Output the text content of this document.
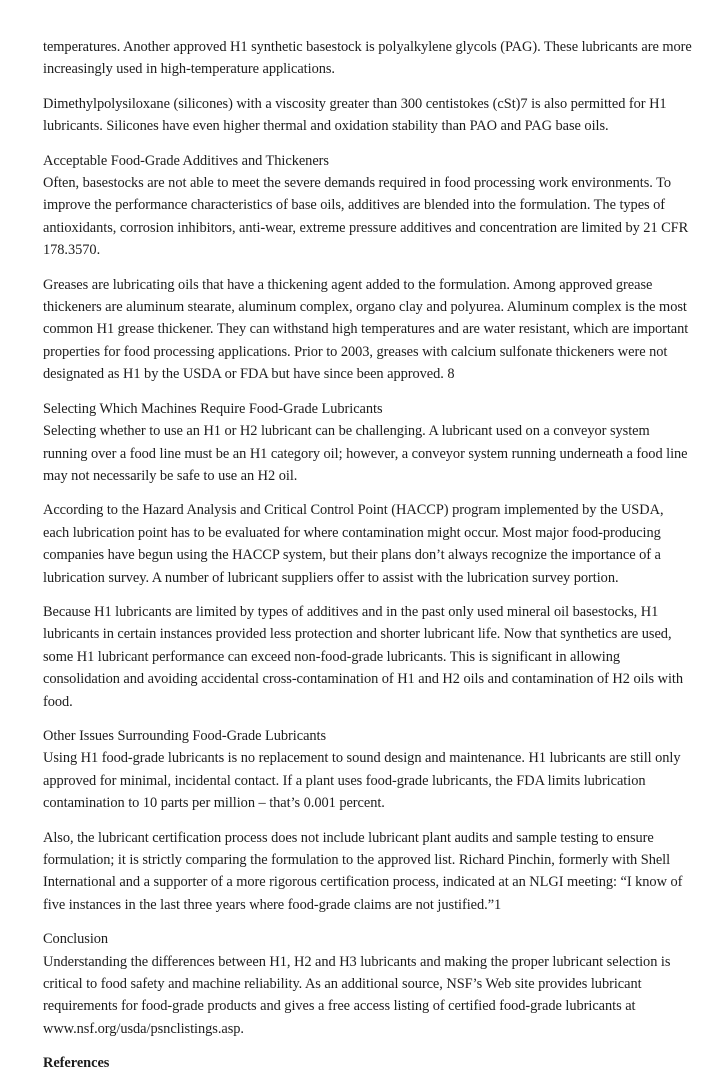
temperatures. Another approved H1 synthetic basestock is polyalkylene glycols (PAG). These lubricants are more increasingly used in high-temperature applications.

Dimethylpolysiloxane (silicones) with a viscosity greater than 300 centistokes (cSt)7 is also permitted for H1 lubricants. Silicones have even higher thermal and oxidation stability than PAO and PAG base oils.

Acceptable Food-Grade Additives and Thickeners
Often, basestocks are not able to meet the severe demands required in food processing work environments. To improve the performance characteristics of base oils, additives are blended into the formulation. The types of antioxidants, corrosion inhibitors, anti-wear, extreme pressure additives and concentration are limited by 21 CFR 178.3570.

Greases are lubricating oils that have a thickening agent added to the formulation. Among approved grease thickeners are aluminum stearate, aluminum complex, organo clay and polyurea. Aluminum complex is the most common H1 grease thickener. They can withstand high temperatures and are water resistant, which are important properties for food processing applications. Prior to 2003, greases with calcium sulfonate thickeners were not designated as H1 by the USDA or FDA but have since been approved. 8

Selecting Which Machines Require Food-Grade Lubricants
Selecting whether to use an H1 or H2 lubricant can be challenging. A lubricant used on a conveyor system running over a food line must be an H1 category oil; however, a conveyor system running underneath a food line may not necessarily be safe to use an H2 oil.

According to the Hazard Analysis and Critical Control Point (HACCP) program implemented by the USDA, each lubrication point has to be evaluated for where contamination might occur. Most major food-producing companies have begun using the HACCP system, but their plans don’t always recognize the importance of a lubrication survey. A number of lubricant suppliers offer to assist with the lubrication survey portion.

Because H1 lubricants are limited by types of additives and in the past only used mineral oil basestocks, H1 lubricants in certain instances provided less protection and shorter lubricant life. Now that synthetics are used, some H1 lubricant performance can exceed non-food-grade lubricants. This is significant in allowing consolidation and avoiding accidental cross-contamination of H1 and H2 oils and contamination of H2 oils with food.

Other Issues Surrounding Food-Grade Lubricants
Using H1 food-grade lubricants is no replacement to sound design and maintenance. H1 lubricants are still only approved for minimal, incidental contact. If a plant uses food-grade lubricants, the FDA limits lubrication contamination to 10 parts per million – that’s 0.001 percent.

Also, the lubricant certification process does not include lubricant plant audits and sample testing to ensure formulation; it is strictly comparing the formulation to the approved list. Richard Pinchin, formerly with Shell International and a supporter of a more rigorous certification process, indicated at an NLGI meeting: “I know of five instances in the last three years where food-grade claims are not justified.”1

Conclusion
Understanding the differences between H1, H2 and H3 lubricants and making the proper lubricant selection is critical to food safety and machine reliability. As an additional source, NSF’s Web site provides lubricant requirements for food-grade products and gives a free access listing of certified food-grade lubricants at www.nsf.org/usda/psnclistings.asp.

References
